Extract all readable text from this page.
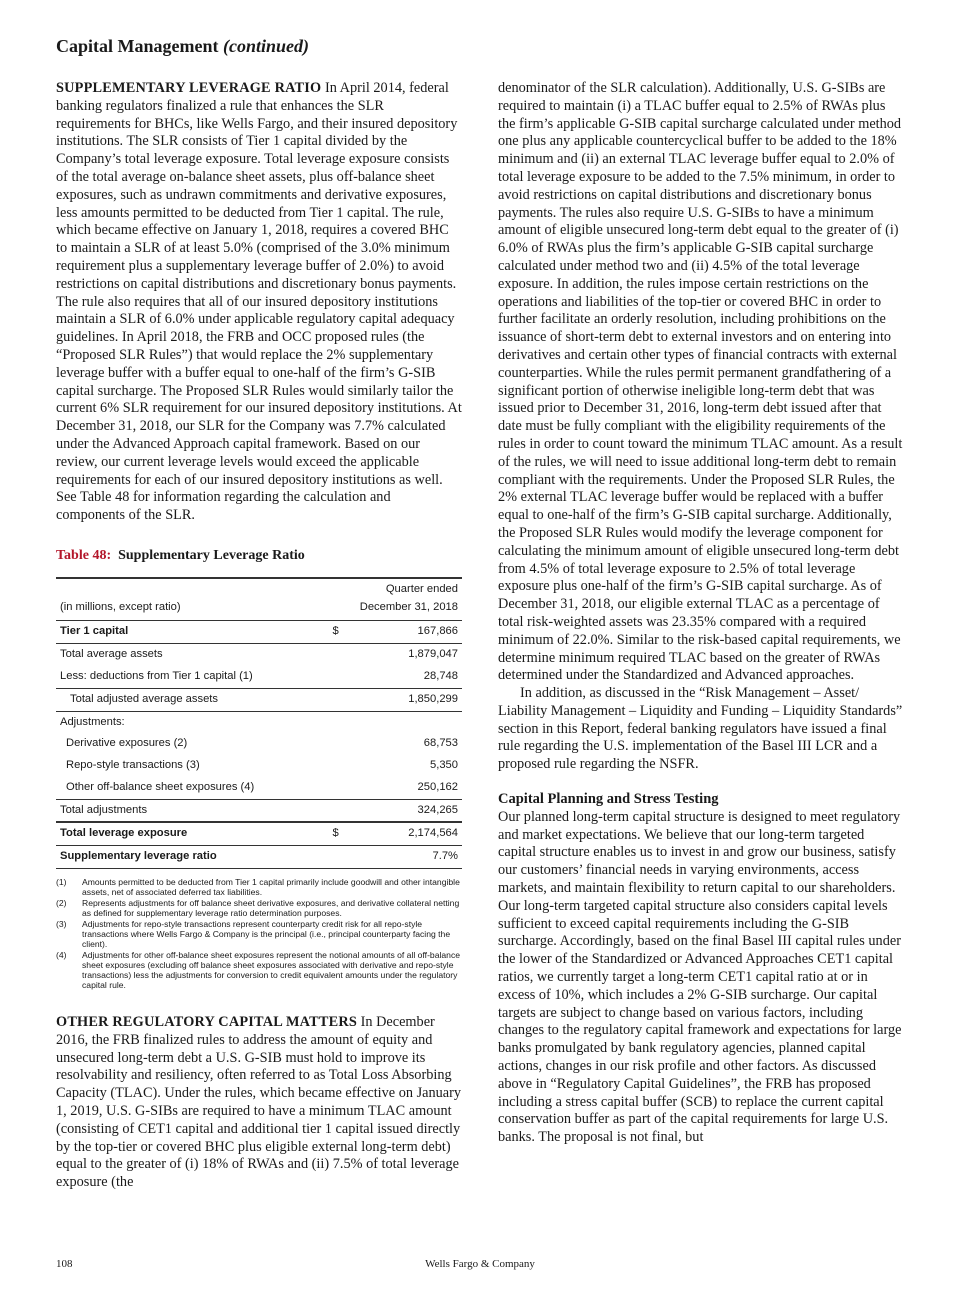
Capital Management (continued)

SUPPLEMENTARY LEVERAGE RATIO In April 2014, federal banking regulators finalized a rule that enhances the SLR requirements for BHCs, like Wells Fargo, and their insured depository institutions. The SLR consists of Tier 1 capital divided by the Company’s total leverage exposure. Total leverage exposure consists of the total average on-balance sheet assets, plus off-balance sheet exposures, such as undrawn commitments and derivative exposures, less amounts permitted to be deducted from Tier 1 capital. The rule, which became effective on January 1, 2018, requires a covered BHC to maintain a SLR of at least 5.0% (comprised of the 3.0% minimum requirement plus a supplementary leverage buffer of 2.0%) to avoid restrictions on capital distributions and discretionary bonus payments. The rule also requires that all of our insured depository institutions maintain a SLR of 6.0% under applicable regulatory capital adequacy guidelines. In April 2018, the FRB and OCC proposed rules (the “Proposed SLR Rules”) that would replace the 2% supplementary leverage buffer with a buffer equal to one-half of the firm’s G-SIB capital surcharge. The Proposed SLR Rules would similarly tailor the current 6% SLR requirement for our insured depository institutions. At December 31, 2018, our SLR for the Company was 7.7% calculated under the Advanced Approach capital framework. Based on our review, our current leverage levels would exceed the applicable requirements for each of our insured depository institutions as well. See Table 48 for information regarding the calculation and components of the SLR.

Table 48: Supplementary Leverage Ratio
(in millions, except ratio)	Quarter ended
December 31, 2018	

Tier 1 capital	$	167,866
Total average assets		1,879,047
Less: deductions from Tier 1 capital (1)		28,748
Total adjusted average assets		1,850,299
Adjustments:		
Derivative exposures (2)		68,753
Repo-style transactions (3)		5,350
Other off-balance sheet exposures (4)		250,162
Total adjustments		324,265
Total leverage exposure	$	2,174,564
Supplementary leverage ratio		7.7%
(1)	Amounts permitted to be deducted from Tier 1 capital primarily include goodwill and other intangible assets, net of associated deferred tax liabilities.
(2)	Represents adjustments for off balance sheet derivative exposures, and derivative collateral netting as defined for supplementary leverage ratio determination purposes.
(3)	Adjustments for repo-style transactions represent counterparty credit risk for all repo-style transactions where Wells Fargo & Company is the principal (i.e., principal counterparty facing the client).
(4)	Adjustments for other off-balance sheet exposures represent the notional amounts of all off-balance sheet exposures (excluding off balance sheet exposures associated with derivative and repo-style transactions) less the adjustments for conversion to credit equivalent amounts under the regulatory capital rule.

OTHER REGULATORY CAPITAL MATTERS In December 2016, the FRB finalized rules to address the amount of equity and unsecured long-term debt a U.S. G-SIB must hold to improve its resolvability and resiliency, often referred to as Total Loss Absorbing Capacity (TLAC). Under the rules, which became effective on January 1, 2019, U.S. G-SIBs are required to have a minimum TLAC amount (consisting of CET1 capital and additional tier 1 capital issued directly by the top-tier or covered BHC plus eligible external long-term debt) equal to the greater of (i) 18% of RWAs and (ii) 7.5% of total leverage exposure (the

denominator of the SLR calculation). Additionally, U.S. G-SIBs are required to maintain (i) a TLAC buffer equal to 2.5% of RWAs plus the firm’s applicable G-SIB capital surcharge calculated under method one plus any applicable countercyclical buffer to be added to the 18% minimum and (ii) an external TLAC leverage buffer equal to 2.0% of total leverage exposure to be added to the 7.5% minimum, in order to avoid restrictions on capital distributions and discretionary bonus payments. The rules also require U.S. G-SIBs to have a minimum amount of eligible unsecured long-term debt equal to the greater of (i) 6.0% of RWAs plus the firm’s applicable G-SIB capital surcharge calculated under method two and (ii) 4.5% of the total leverage exposure. In addition, the rules impose certain restrictions on the operations and liabilities of the top-tier or covered BHC in order to further facilitate an orderly resolution, including prohibitions on the issuance of short-term debt to external investors and on entering into derivatives and certain other types of financial contracts with external counterparties. While the rules permit permanent grandfathering of a significant portion of otherwise ineligible long-term debt that was issued prior to December 31, 2016, long-term debt issued after that date must be fully compliant with the eligibility requirements of the rules in order to count toward the minimum TLAC amount. As a result of the rules, we will need to issue additional long-term debt to remain compliant with the requirements. Under the Proposed SLR Rules, the 2% external TLAC leverage buffer would be replaced with a buffer equal to one-half of the firm’s G-SIB capital surcharge. Additionally, the Proposed SLR Rules would modify the leverage component for calculating the minimum amount of eligible unsecured long-term debt from 4.5% of total leverage exposure to 2.5% of total leverage exposure plus one-half of the firm’s G-SIB capital surcharge. As of December 31, 2018, our eligible external TLAC as a percentage of total risk-weighted assets was 23.35% compared with a required minimum of 22.0%. Similar to the risk-based capital requirements, we determine minimum required TLAC based on the greater of RWAs determined under the Standardized and Advanced approaches.

In addition, as discussed in the “Risk Management – Asset/ Liability Management – Liquidity and Funding – Liquidity Standards” section in this Report, federal banking regulators have issued a final rule regarding the U.S. implementation of the Basel III LCR and a proposed rule regarding the NSFR.

Capital Planning and Stress Testing

Our planned long-term capital structure is designed to meet regulatory and market expectations. We believe that our long-term targeted capital structure enables us to invest in and grow our business, satisfy our customers’ financial needs in varying environments, access markets, and maintain flexibility to return capital to our shareholders. Our long-term targeted capital structure also considers capital levels sufficient to exceed capital requirements including the G-SIB surcharge. Accordingly, based on the final Basel III capital rules under the lower of the Standardized or Advanced Approaches CET1 capital ratios, we currently target a long-term CET1 capital ratio at or in excess of 10%, which includes a 2% G-SIB surcharge. Our capital targets are subject to change based on various factors, including changes to the regulatory capital framework and expectations for large banks promulgated by bank regulatory agencies, planned capital actions, changes in our risk profile and other factors. As discussed above in “Regulatory Capital Guidelines”, the FRB has proposed including a stress capital buffer (SCB) to replace the current capital conservation buffer as part of the capital requirements for large U.S. banks. The proposal is not final, but

108	Wells Fargo & Company
